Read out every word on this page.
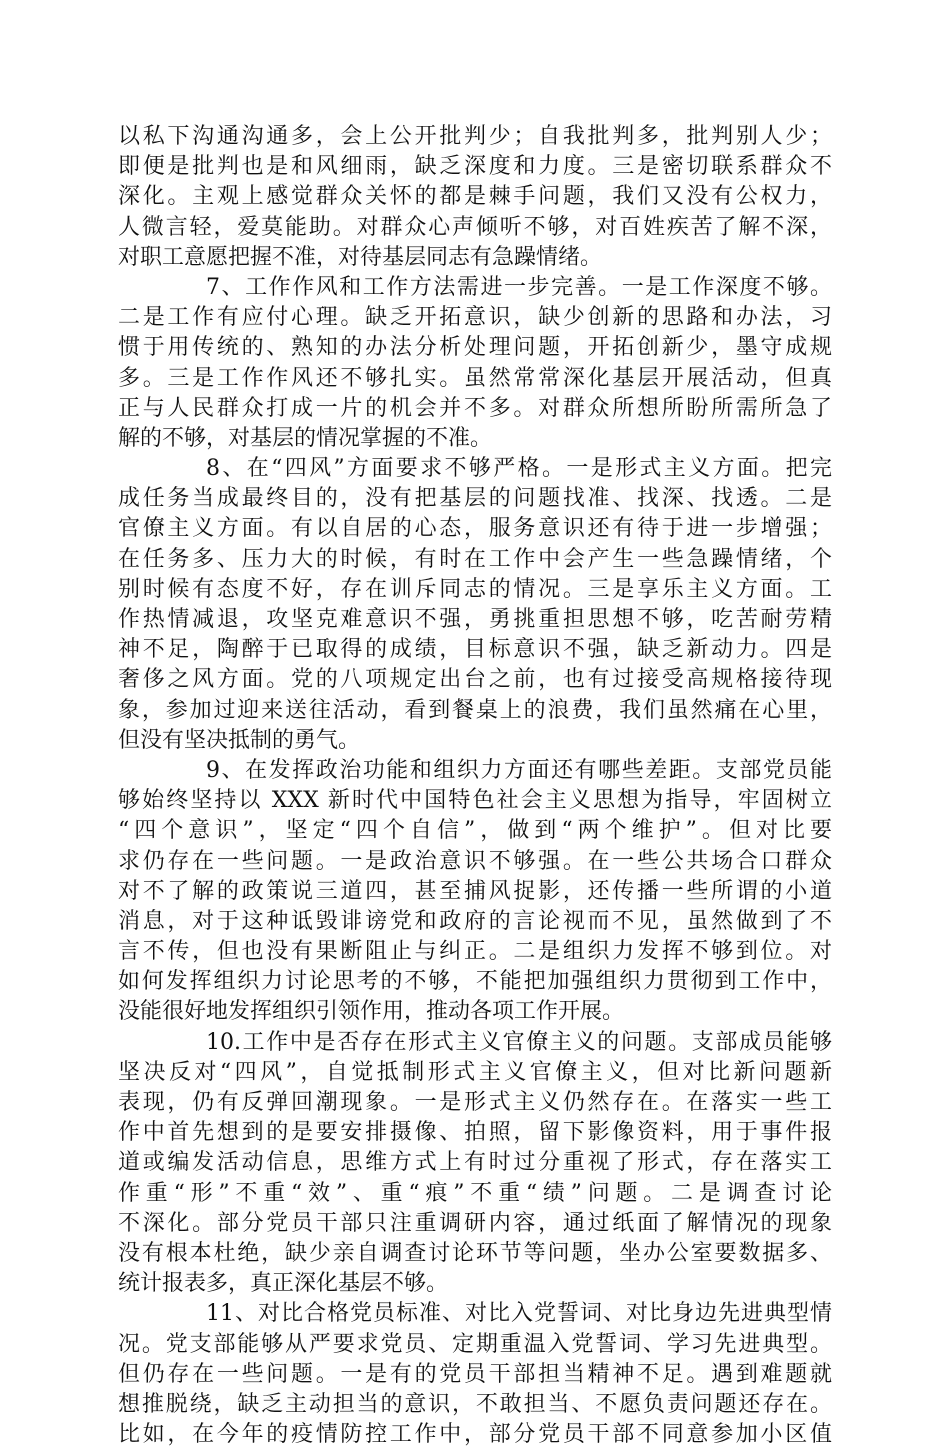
以私下沟通沟通多，会上公开批判少；自我批判多，批判别人少；
即便是批判也是和风细雨，缺乏深度和力度。三是密切联系群众不
深化。主观上感觉群众关怀的都是棘手问题，我们又没有公权力，
人微言轻，爱莫能助。对群众心声倾听不够，对百姓疾苦了解不深，
对职工意愿把握不准，对待基层同志有急躁情绪。
7、工作作风和工作方法需进一步完善。一是工作深度不够。
二是工作有应付心理。缺乏开拓意识，缺少创新的思路和办法，习
惯于用传统的、熟知的办法分析处理问题，开拓创新少，墨守成规
多。三是工作作风还不够扎实。虽然常常深化基层开展活动，但真
正与人民群众打成一片的机会并不多。对群众所想所盼所需所急了
解的不够，对基层的情况掌握的不准。
8、在“四风”方面要求不够严格。一是形式主义方面。把完
成任务当成最终目的，没有把基层的问题找准、找深、找透。二是
官僚主义方面。有以自居的心态，服务意识还有待于进一步增强；
在任务多、压力大的时候，有时在工作中会产生一些急躁情绪，个
别时候有态度不好，存在训斥同志的情况。三是享乐主义方面。工
作热情减退，攻坚克难意识不强，勇挑重担思想不够，吃苦耐劳精
神不足，陶醉于已取得的成绩，目标意识不强，缺乏新动力。四是
奢侈之风方面。党的八项规定出台之前，也有过接受高规格接待现
象，参加过迎来送往活动，看到餐桌上的浪费，我们虽然痛在心里，
但没有坚决抵制的勇气。
9、在发挥政治功能和组织力方面还有哪些差距。支部党员能
够始终坚持以 XXX 新时代中国特色社会主义思想为指导，牢固树立
“四个意识”，坚定“四个自信”，做到“两个维护”。但对比要
求仍存在一些问题。一是政治意识不够强。在一些公共场合口群众
对不了解的政策说三道四，甚至捕风捉影，还传播一些所谓的小道
消息，对于这种诋毁诽谤党和政府的言论视而不见，虽然做到了不
言不传，但也没有果断阻止与纠正。二是组织力发挥不够到位。对
如何发挥组织力讨论思考的不够，不能把加强组织力贯彻到工作中，
没能很好地发挥组织引领作用，推动各项工作开展。
10.工作中是否存在形式主义官僚主义的问题。支部成员能够
坚决反对“四风”，自觉抵制形式主义官僚主义，但对比新问题新
表现，仍有反弹回潮现象。一是形式主义仍然存在。在落实一些工
作中首先想到的是要安排摄像、拍照，留下影像资料，用于事件报
道或编发活动信息，思维方式上有时过分重视了形式，存在落实工
作重“形”不重“效”、重“痕”不重“绩”问题。二是调查讨论
不深化。部分党员干部只注重调研内容，通过纸面了解情况的现象
没有根本杜绝，缺少亲自调查讨论环节等问题，坐办公室要数据多、
统计报表多，真正深化基层不够。
11、对比合格党员标准、对比入党誓词、对比身边先进典型情
况。党支部能够从严要求党员、定期重温入党誓词、学习先进典型。
但仍存在一些问题。一是有的党员干部担当精神不足。遇到难题就
想推脱绕，缺乏主动担当的意识，不敢担当、不愿负责问题还存在。
比如，在今年的疫情防控工作中，部分党员干部不同意参加小区值
